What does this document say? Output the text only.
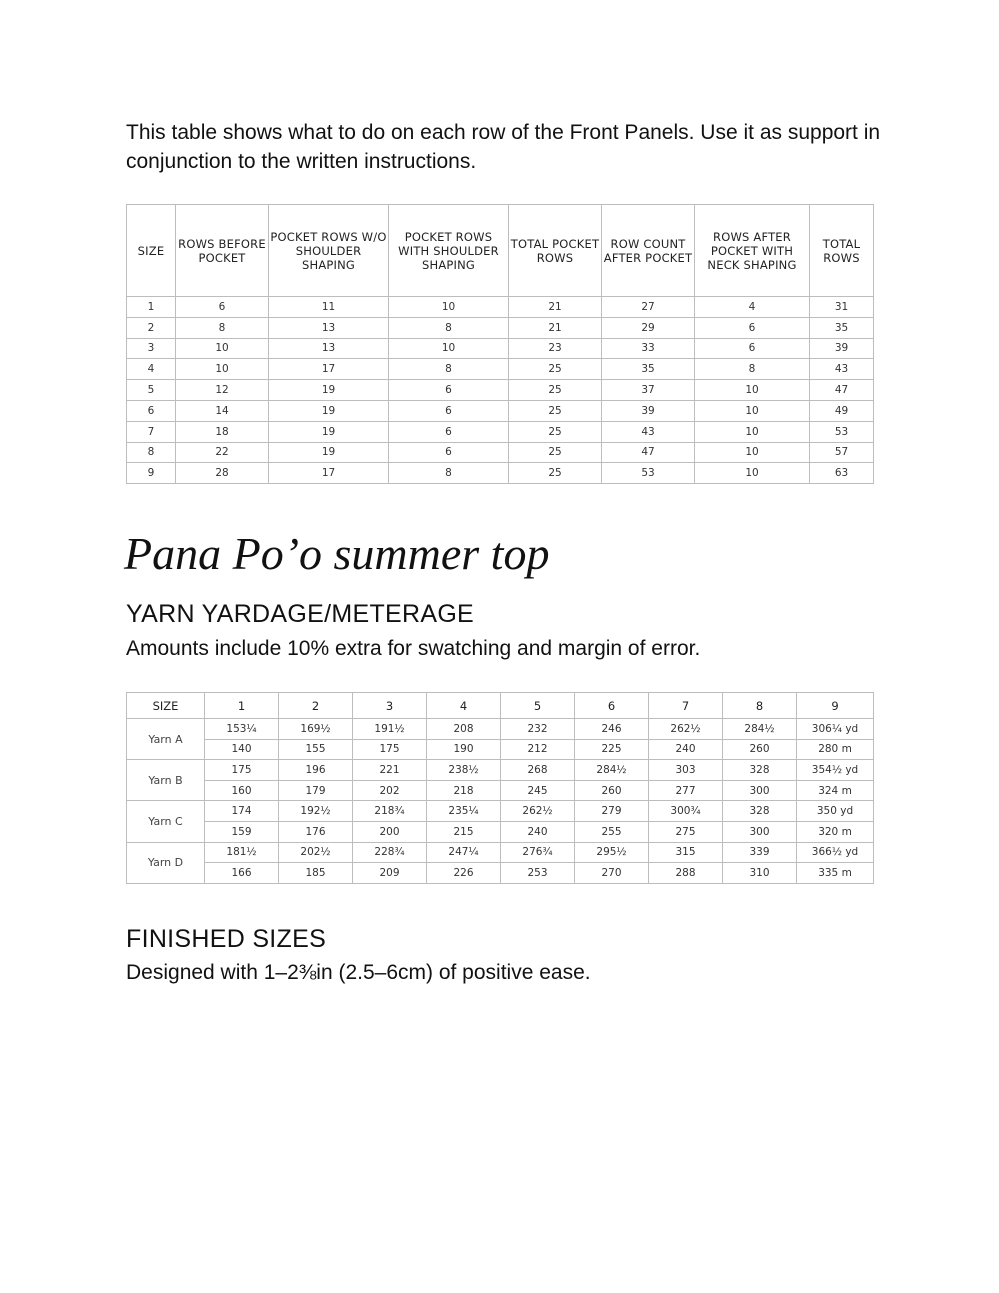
This table shows what to do on each row of the Front Panels. Use it as support in conjunction to the written instructions.

SIZE	ROWS BEFORE POCKET	POCKET ROWS W/O SHOULDER SHAPING	POCKET ROWS WITH SHOULDER SHAPING	TOTAL POCKET ROWS	ROW COUNT AFTER POCKET	ROWS AFTER POCKET WITH NECK SHAPING	TOTAL ROWS
1	6	11	10	21	27	4	31
2	8	13	8	21	29	6	35
3	10	13	10	23	33	6	39
4	10	17	8	25	35	8	43
5	12	19	6	25	37	10	47
6	14	19	6	25	39	10	49
7	18	19	6	25	43	10	53
8	22	19	6	25	47	10	57
9	28	17	8	25	53	10	63
Pana Po’o summer top
YARN YARDAGE/METERAGE

Amounts include 10% extra for swatching and margin of error.

SIZE	1	2	3	4	5	6	7	8	9
Yarn A	153¼	169½	191½	208	232	246	262½	284½	306¼ yd
	140	155	175	190	212	225	240	260	280 m
Yarn B	175	196	221	238½	268	284½	303	328	354½ yd
	160	179	202	218	245	260	277	300	324 m
Yarn C	174	192½	218¾	235¼	262½	279	300¾	328	350 yd
	159	176	200	215	240	255	275	300	320 m
Yarn D	181½	202½	228¾	247¼	276¾	295½	315	339	366½ yd
	166	185	209	226	253	270	288	310	335 m
FINISHED SIZES

Designed with 1–2⅜in (2.5–6cm) of positive ease.
